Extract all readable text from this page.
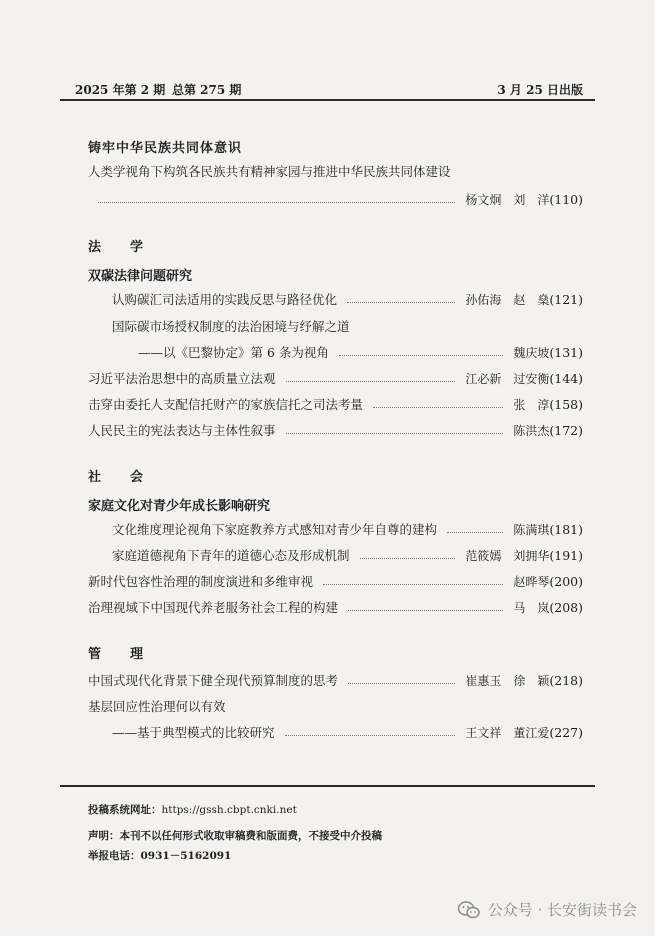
2025 年第 2 期 总第 275 期	3 月 25 日出版
铸牢中华民族共同体意识
人类学视角下构筑各民族共有精神家园与推进中华民族共同体建设
杨文炯　刘　洋 (110)
法　学
双碳法律问题研究
认购碳汇司法适用的实践反思与路径优化	孙佑海　赵　燊 (121)
国际碳市场授权制度的法治困境与纾解之道
——以《巴黎协定》第 6 条为视角	魏庆坡 (131)
习近平法治思想中的高质量立法观	江必新　过安衡 (144)
击穿由委托人支配信托财产的家族信托之司法考量	张　淳 (158)
人民民主的宪法表达与主体性叙事	陈洪杰 (172)
社　会
家庭文化对青少年成长影响研究
文化维度理论视角下家庭教养方式感知对青少年自尊的建构	陈满琪 (181)
家庭道德视角下青年的道德心态及形成机制	范筱嫣　刘拥华 (191)
新时代包容性治理的制度演进和多维审视	赵晔琴 (200)
治理视域下中国现代养老服务社会工程的构建	马　岚 (208)
管　理
中国式现代化背景下健全现代预算制度的思考	崔惠玉　徐　颖 (218)
基层回应性治理何以有效
——基于典型模式的比较研究	王文祥　董江爱 (227)
投稿系统网址：https://gssh.cbpt.cnki.net
声明：本刊不以任何形式收取审稿费和版面费，不接受中介投稿
举报电话：0931－5162091
公众号 · 长安街读书会
